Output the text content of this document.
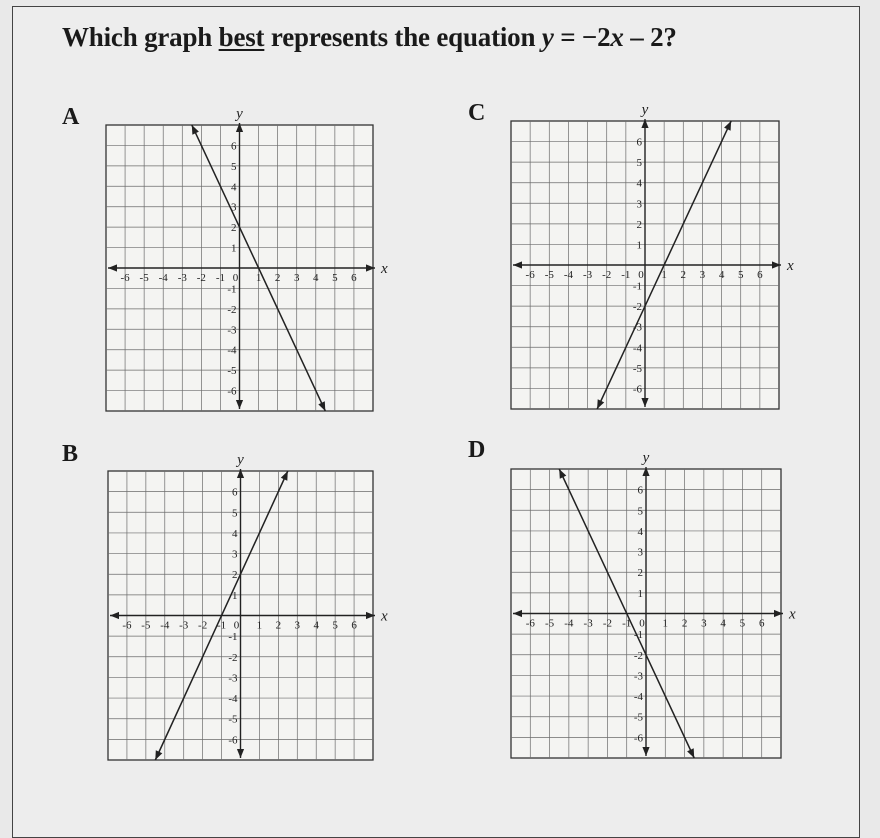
Which graph best represents the equation y = −2x – 2?
A	C
B	D
x
y
-6 -5 -4 -3 -2 -1 0 1 2 3 4 5 6
6
5
4
3
2
1
-1
-2
-3
-4
-5
-6
x
y
-6 -5 -4 -3 -2 -1 0 1 2 3 4 5 6
6
5
4
3
2
1
-1
-2
-3
-4
-5
-6
x
y
-6 -5 -4 -3 -2 -1 0 1 2 3 4 5 6
6
5
4
3
2
1
-1
-2
-3
-4
-5
-6
x
y
-6 -5 -4 -3 -2 -1 0 1 2 3 4 5 6
6
5
4
3
2
1
-1
-2
-3
-4
-5
-6
